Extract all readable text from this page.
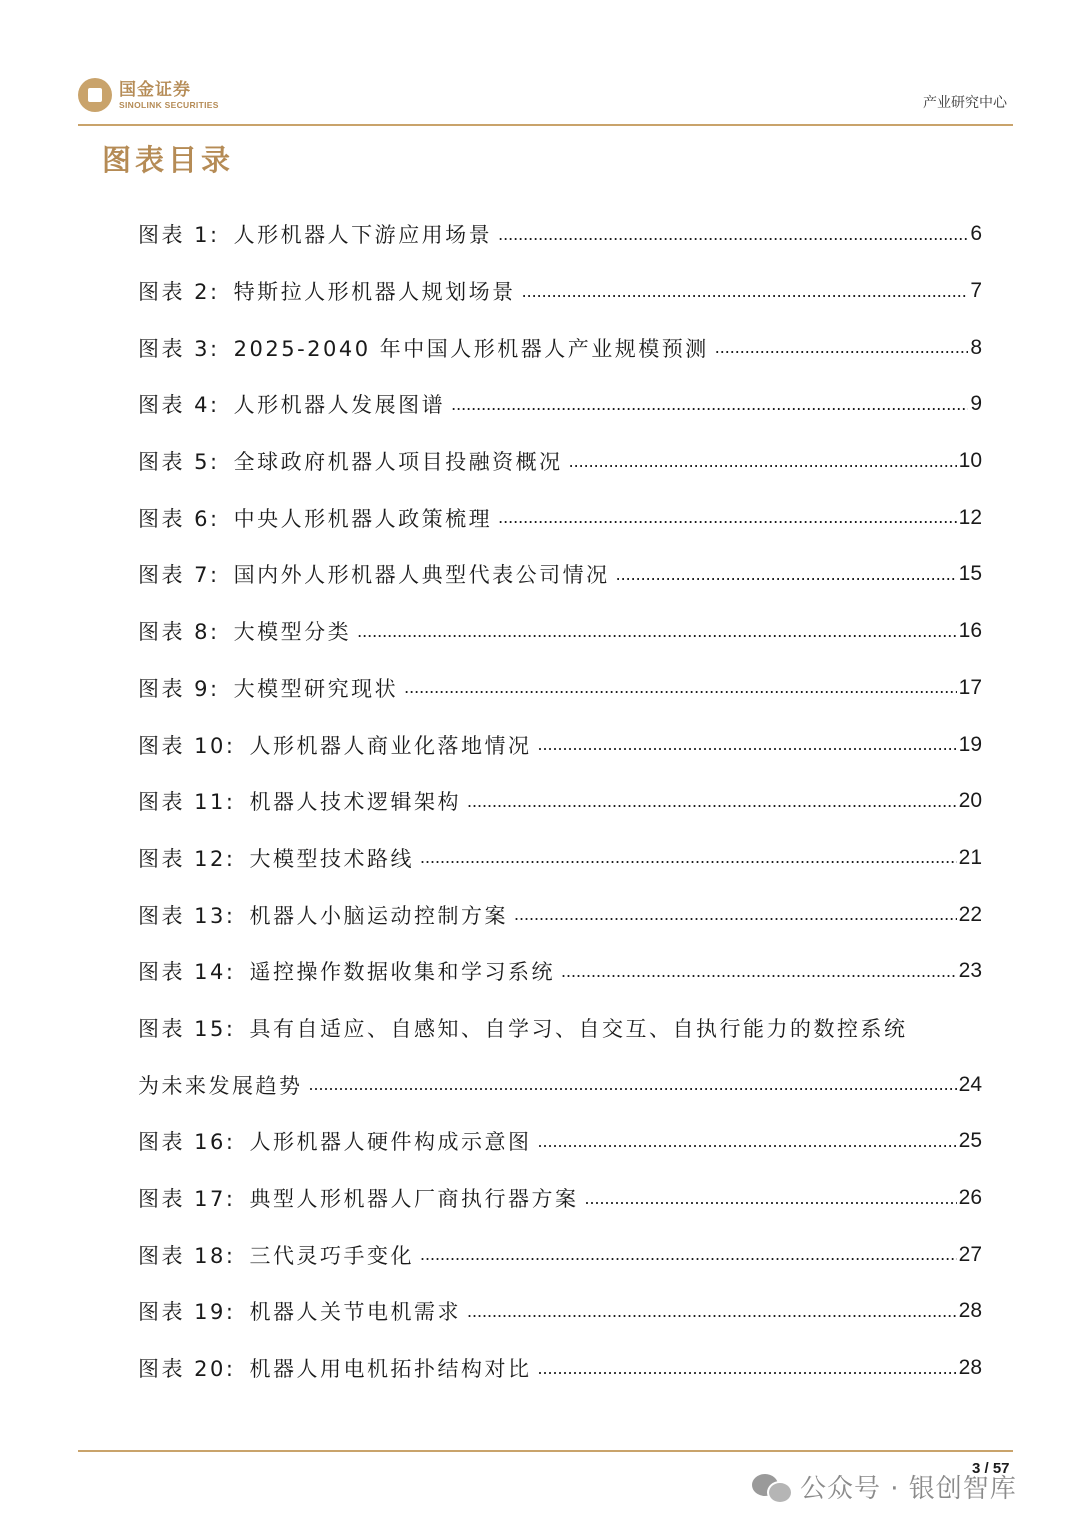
国金证券
SINOLINK SECURITIES	产业研究中心
图表目录
图表 1: 人形机器人下游应用场景 .....	6
图表 2: 特斯拉人形机器人规划场景 .....	7
图表 3: 2025-2040 年中国人形机器人产业规模预测 .....	8
图表 4: 人形机器人发展图谱 .....	9
图表 5: 全球政府机器人项目投融资概况 .....	10
图表 6: 中央人形机器人政策梳理 .....	12
图表 7: 国内外人形机器人典型代表公司情况 .....	15
图表 8: 大模型分类 .....	16
图表 9: 大模型研究现状 .....	17
图表 10: 人形机器人商业化落地情况 .....	19
图表 11: 机器人技术逻辑架构 .....	20
图表 12: 大模型技术路线 .....	21
图表 13: 机器人小脑运动控制方案 .....	22
图表 14: 遥控操作数据收集和学习系统 .....	23
图表 15: 具有自适应、自感知、自学习、自交互、自执行能力的数控系统
为未来发展趋势 .....	24
图表 16: 人形机器人硬件构成示意图 .....	25
图表 17: 典型人形机器人厂商执行器方案 .....	26
图表 18: 三代灵巧手变化 .....	27
图表 19: 机器人关节电机需求 .....	28
图表 20: 机器人用电机拓扑结构对比 .....	28
3 / 57
公众号 · 银创智库
